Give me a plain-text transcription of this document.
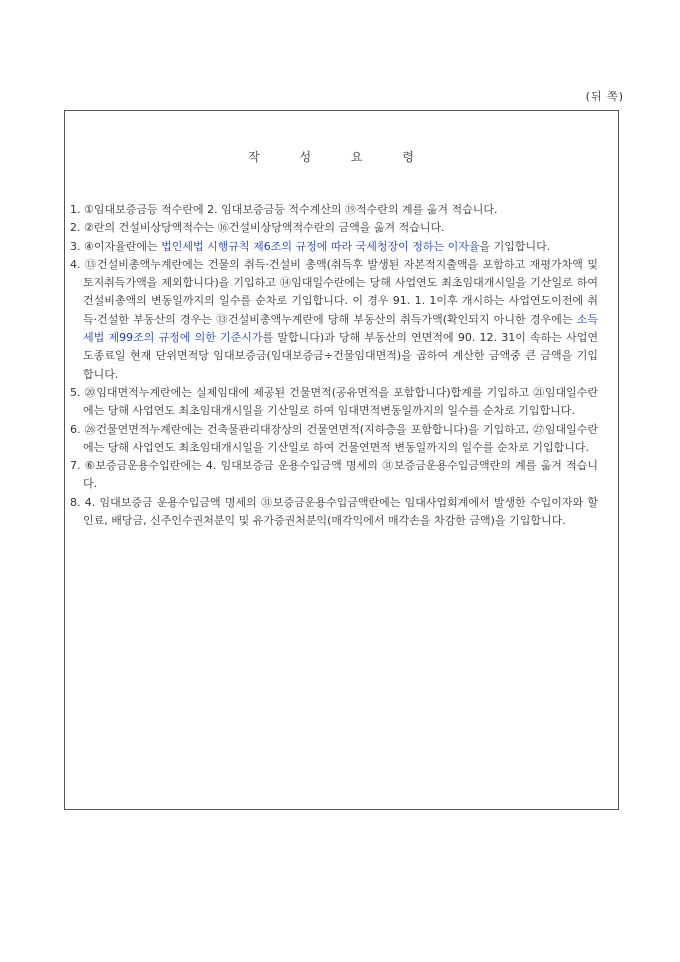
(뒤 쪽)
작 성 요 령
1. ①임대보증금등 적수란에 2. 임대보증금등 적수계산의 ⑲적수란의 계를 옮겨 적습니다.
2. ②란의 건설비상당액적수는 ⑯건설비상당액적수란의 금액을 옮겨 적습니다.
3. ④이자율란에는 법인세법 시행규칙 제6조의 규정에 따라 국세청장이 정하는 이자율을 기입합니다.
4. ⑬건설비총액누계란에는 건물의 취득·건설비 총액(취득후 발생된 자본적지출액을 포함하고 재평가차액 및 토지취득가액을 제외합니다)을 기입하고 ⑭임대일수란에는 당해 사업연도 최초임대개시일을 기산일로 하여 건설비총액의 변동일까지의 일수를 순차로 기입합니다. 이 경우 91. 1. 1이후 개시하는 사업연도이전에 취득·건설한 부동산의 경우는 ⑬건설비총액누계란에 당해 부동산의 취득가액(확인되지 아니한 경우에는 소득세법 제99조의 규정에 의한 기준시가를 말합니다)과 당해 부동산의 연면적에 90. 12. 31이 속하는 사업연도종료일 현재 단위면적당 임대보증금(임대보증금÷건물임대면적)을 곱하여 계산한 금액중 큰 금액을 기입합니다.
5. ⑳임대면적누계란에는 실제임대에 제공된 건물면적(공유면적을 포함합니다)합계를 기입하고 ㉑임대일수란에는 당해 사업연도 최초임대개시일을 기산일로 하여 임대면적변동일까지의 일수를 순차로 기입합니다.
6. ㉖건물연면적누계란에는 건축물관리대장상의 건물연면적(지하층을 포함합니다)을 기입하고, ㉗임대일수란에는 당해 사업연도 최초임대개시일을 기산일로 하여 건물연면적 변동일까지의 일수를 순차로 기입합니다.
7. ⑥보증금운용수입란에는 4. 임대보증금 운용수입금액 명세의 ㉛보증금운용수입금액란의 계를 옮겨 적습니다.
8. 4. 임대보증금 운용수입금액 명세의 ㉛보증금운용수입금액란에는 임대사업회계에서 발생한 수입이자와 할인료, 배당금, 신주인수권처분익 및 유가증권처분익(매각익에서 매각손을 차감한 금액)을 기입합니다.
